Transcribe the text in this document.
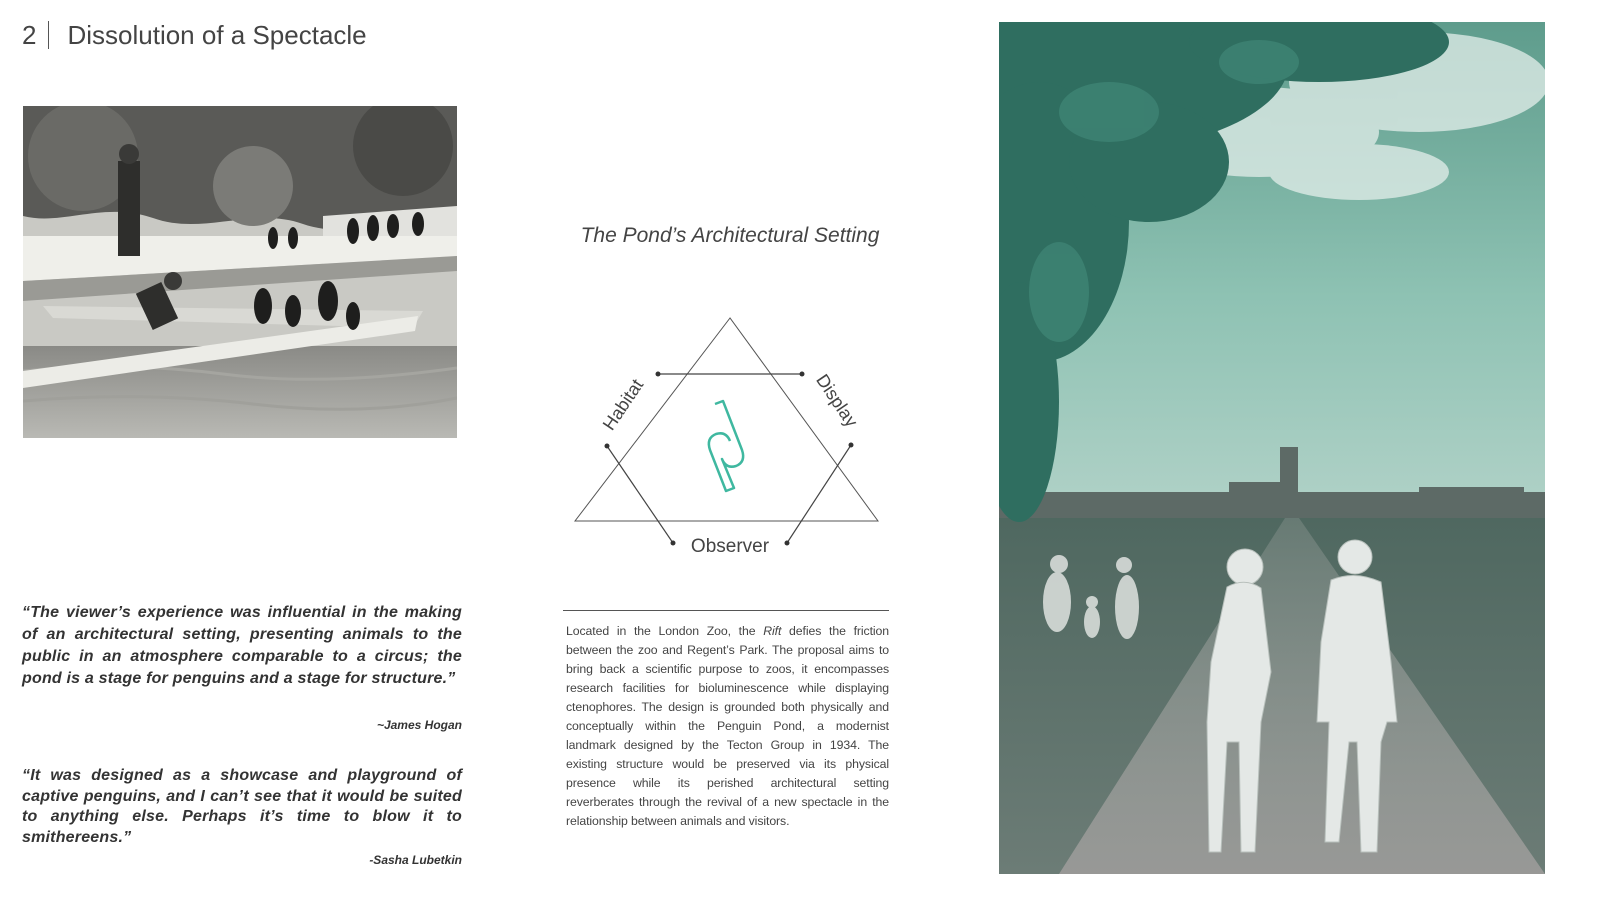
2 Dissolution of a Spectacle
“The viewer’s experience was influential in the making of an architectural setting, presenting animals to the public in an atmosphere comparable to a circus; the pond is a stage for penguins and a stage for structure.”
~James Hogan
“It was designed as a showcase and playground of captive penguins, and I can’t see that it would be suited to anything else. Perhaps it’s time to blow it to smithereens.”
-Sasha Lubetkin
The Pond’s Architectural Setting
Habitat	Display
Observer
Located in the London Zoo, the Rift defies the friction between the zoo and Regent’s Park. The proposal aims to bring back a scientific purpose to zoos, it encompasses research facilities for bioluminescence while displaying ctenophores. The design is grounded both physically and conceptually within the Penguin Pond, a modernist landmark designed by the Tecton Group in 1934. The existing structure would be preserved via its physical presence while its perished architectural setting reverberates through the revival of a new spectacle in the relationship between animals and visitors.
